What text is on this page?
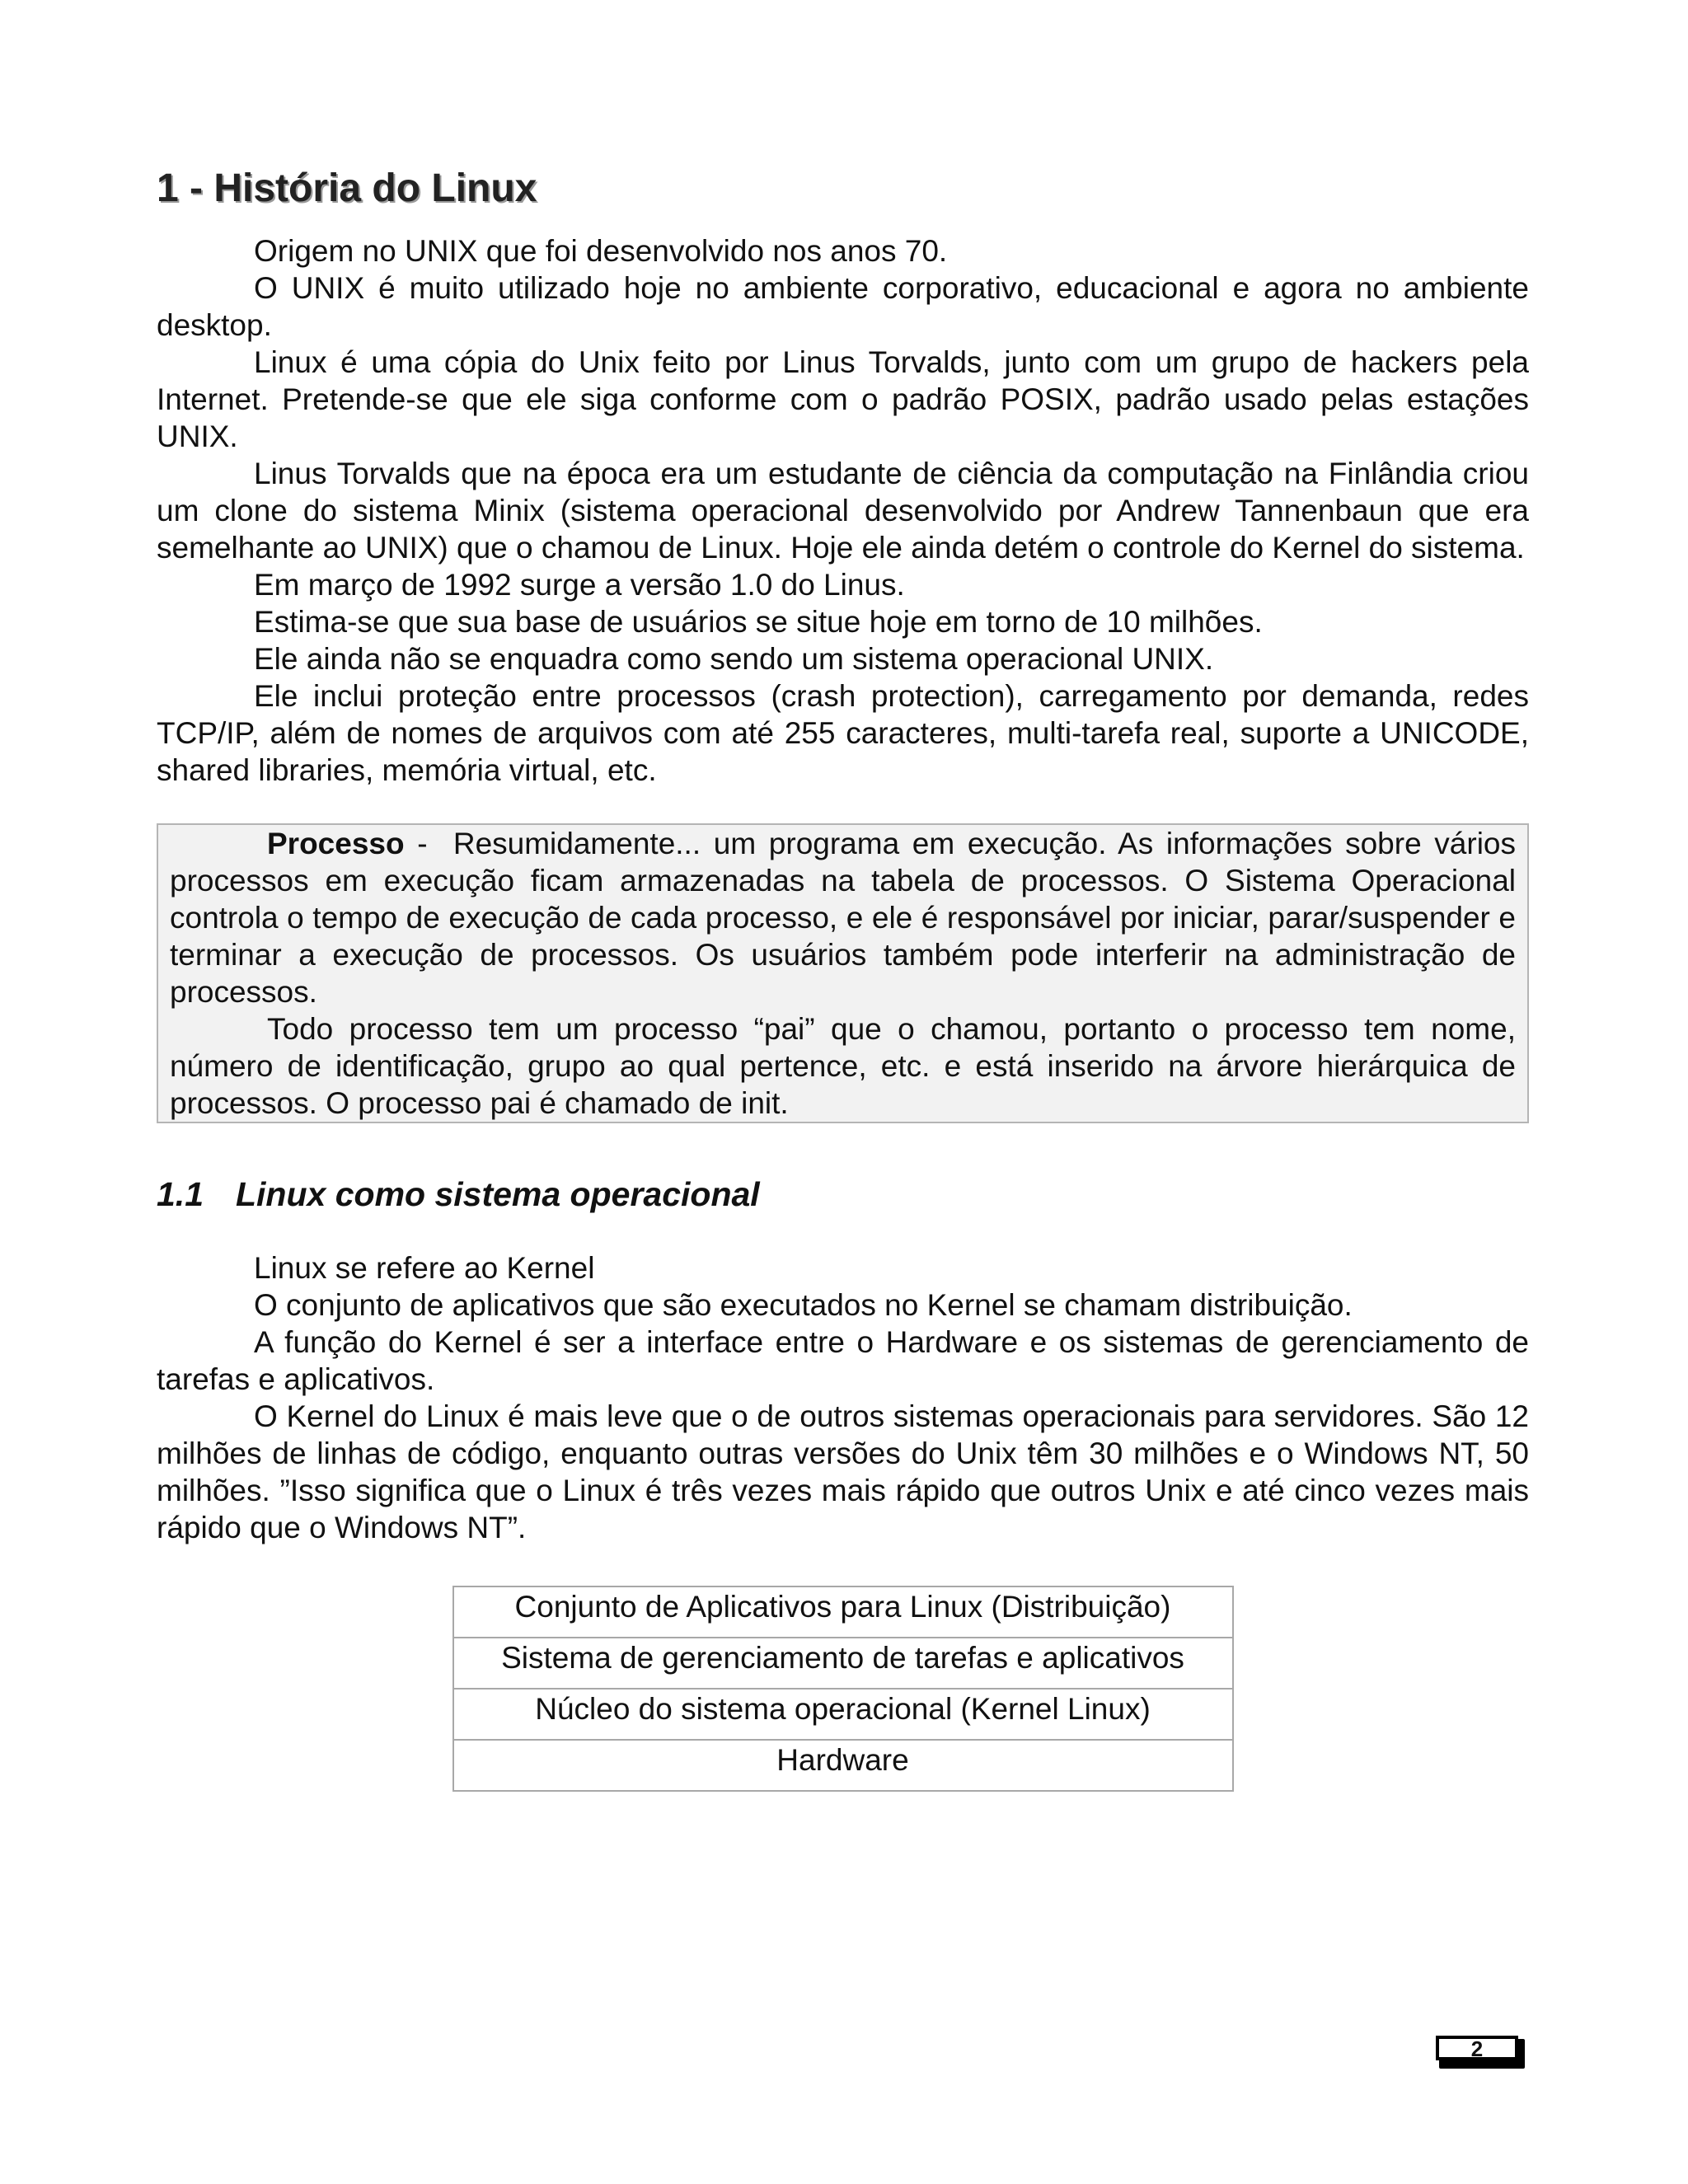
1 - História do Linux

Origem no UNIX que foi desenvolvido nos anos 70.

O UNIX é muito utilizado hoje no ambiente corporativo, educacional e agora no ambiente desktop.

Linux é uma cópia do Unix feito por Linus Torvalds, junto com um grupo de hackers pela Internet. Pretende-se que ele siga conforme com o padrão POSIX, padrão usado pelas estações UNIX.

Linus Torvalds que na época era um estudante de ciência da computação na Finlândia criou um clone do sistema Minix (sistema operacional desenvolvido por Andrew Tannenbaun que era semelhante ao UNIX) que o chamou de Linux. Hoje ele ainda detém o controle do Kernel do sistema.

Em março de 1992 surge a versão 1.0 do Linus.

Estima-se que sua base de usuários se situe hoje em torno de 10 milhões.

Ele ainda não se enquadra como sendo um sistema operacional UNIX.

Ele inclui proteção entre processos (crash protection), carregamento por demanda, redes TCP/IP, além de nomes de arquivos com até 255 caracteres, multi-tarefa real, suporte a UNICODE, shared libraries, memória virtual, etc.

Processo -  Resumidamente... um programa em execução. As informações sobre vários processos em execução ficam armazenadas na tabela de processos. O Sistema Operacional controla o tempo de execução de cada processo, e ele é responsável por iniciar, parar/suspender e terminar a execução de processos. Os usuários também pode interferir na administração de processos.

Todo processo tem um processo “pai” que o chamou, portanto o processo tem nome, número de identificação, grupo ao qual pertence, etc. e está inserido na árvore hierárquica de processos. O processo pai é chamado de init.

1.1 Linux como sistema operacional

Linux se refere ao Kernel

O conjunto de aplicativos que são executados no Kernel se chamam distribuição.

A função do Kernel é ser a interface entre o Hardware e os sistemas de gerenciamento de tarefas e aplicativos.

O Kernel do Linux é mais leve que o de outros sistemas operacionais para servidores. São 12 milhões de linhas de código, enquanto outras versões do Unix têm 30 milhões e o Windows NT, 50 milhões. ”Isso significa que o Linux é três vezes mais rápido que outros Unix e até cinco vezes mais rápido que o Windows NT”.

Conjunto de Aplicativos para Linux (Distribuição)
Sistema de gerenciamento de tarefas e aplicativos
Núcleo do sistema operacional (Kernel Linux)
Hardware
2
